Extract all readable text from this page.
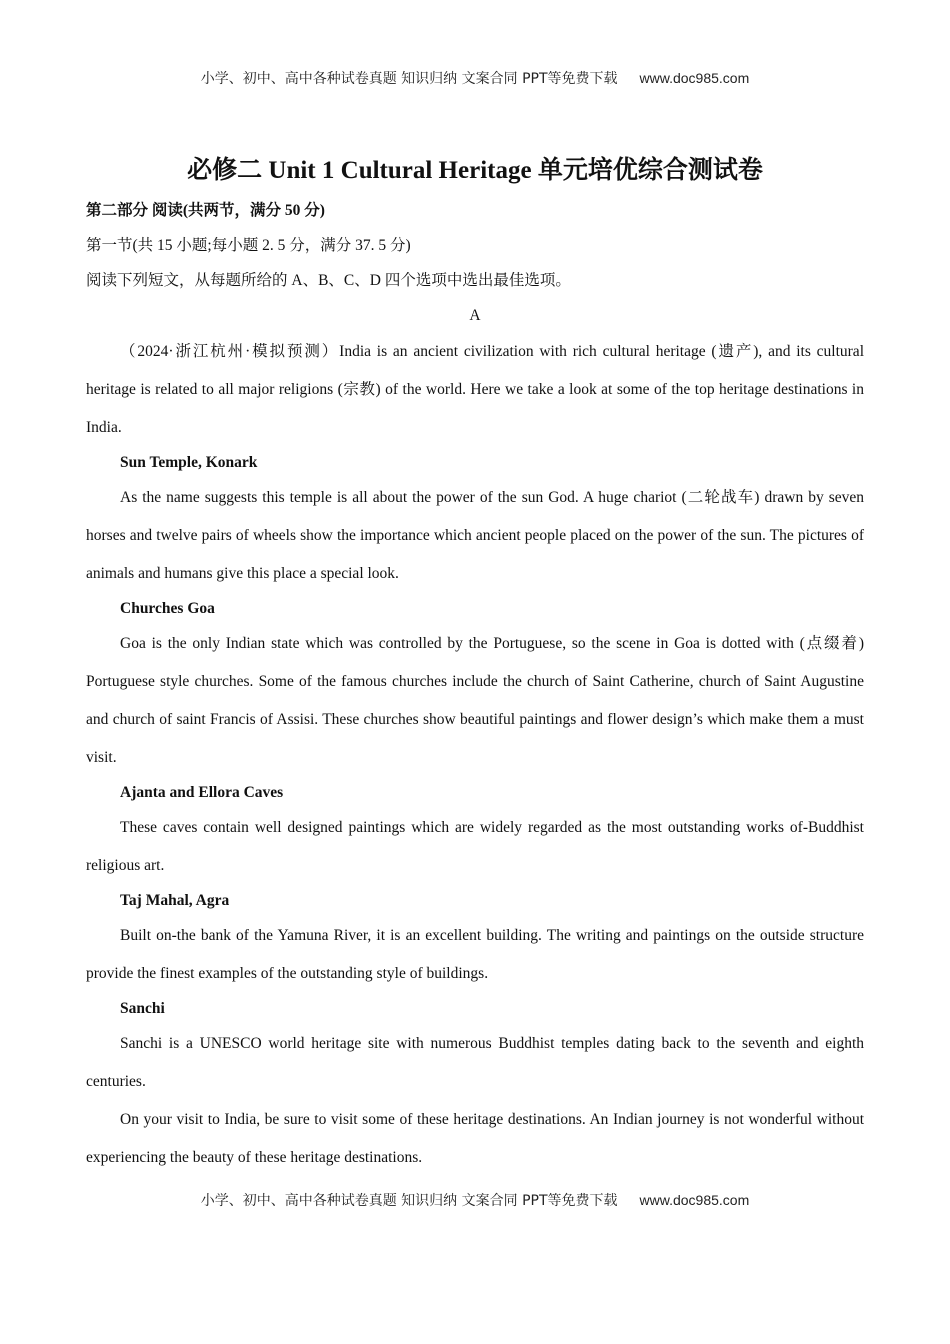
小学、初中、高中各种试卷真题 知识归纳 文案合同 PPT等免费下载 www.doc985.com
必修二 Unit 1 Cultural Heritage 单元培优综合测试卷

第二部分 阅读(共两节，满分 50 分)

第一节(共 15 小题;每小题 2. 5 分，满分 37. 5 分)

阅读下列短文，从每题所给的 A、B、C、D 四个选项中选出最佳选项。

A

（2024·浙江杭州·模拟预测）India is an ancient civilization with rich cultural heritage (遗产), and its cultural heritage is related to all major religions (宗教) of the world. Here we take a look at some of the top heritage destinations in India.

Sun Temple, Konark

As the name suggests this temple is all about the power of the sun God. A huge chariot (二轮战车) drawn by seven horses and twelve pairs of wheels show the importance which ancient people placed on the power of the sun. The pictures of animals and humans give this place a special look.

Churches Goa

Goa is the only Indian state which was controlled by the Portuguese, so the scene in Goa is dotted with (点缀着) Portuguese style churches. Some of the famous churches include the church of Saint Catherine, church of Saint Augustine and church of saint Francis of Assisi. These churches show beautiful paintings and flower design’s which make them a must visit.

Ajanta and Ellora Caves

These caves contain well designed paintings which are widely regarded as the most outstanding works of-Buddhist religious art.

Taj Mahal, Agra

Built on-the bank of the Yamuna River, it is an excellent building. The writing and paintings on the outside structure provide the finest examples of the outstanding style of buildings.

Sanchi

Sanchi is a UNESCO world heritage site with numerous Buddhist temples dating back to the seventh and eighth centuries.

On your visit to India, be sure to visit some of these heritage destinations. An Indian journey is not wonderful without experiencing the beauty of these heritage destinations.

小学、初中、高中各种试卷真题 知识归纳 文案合同 PPT等免费下载 www.doc985.com
